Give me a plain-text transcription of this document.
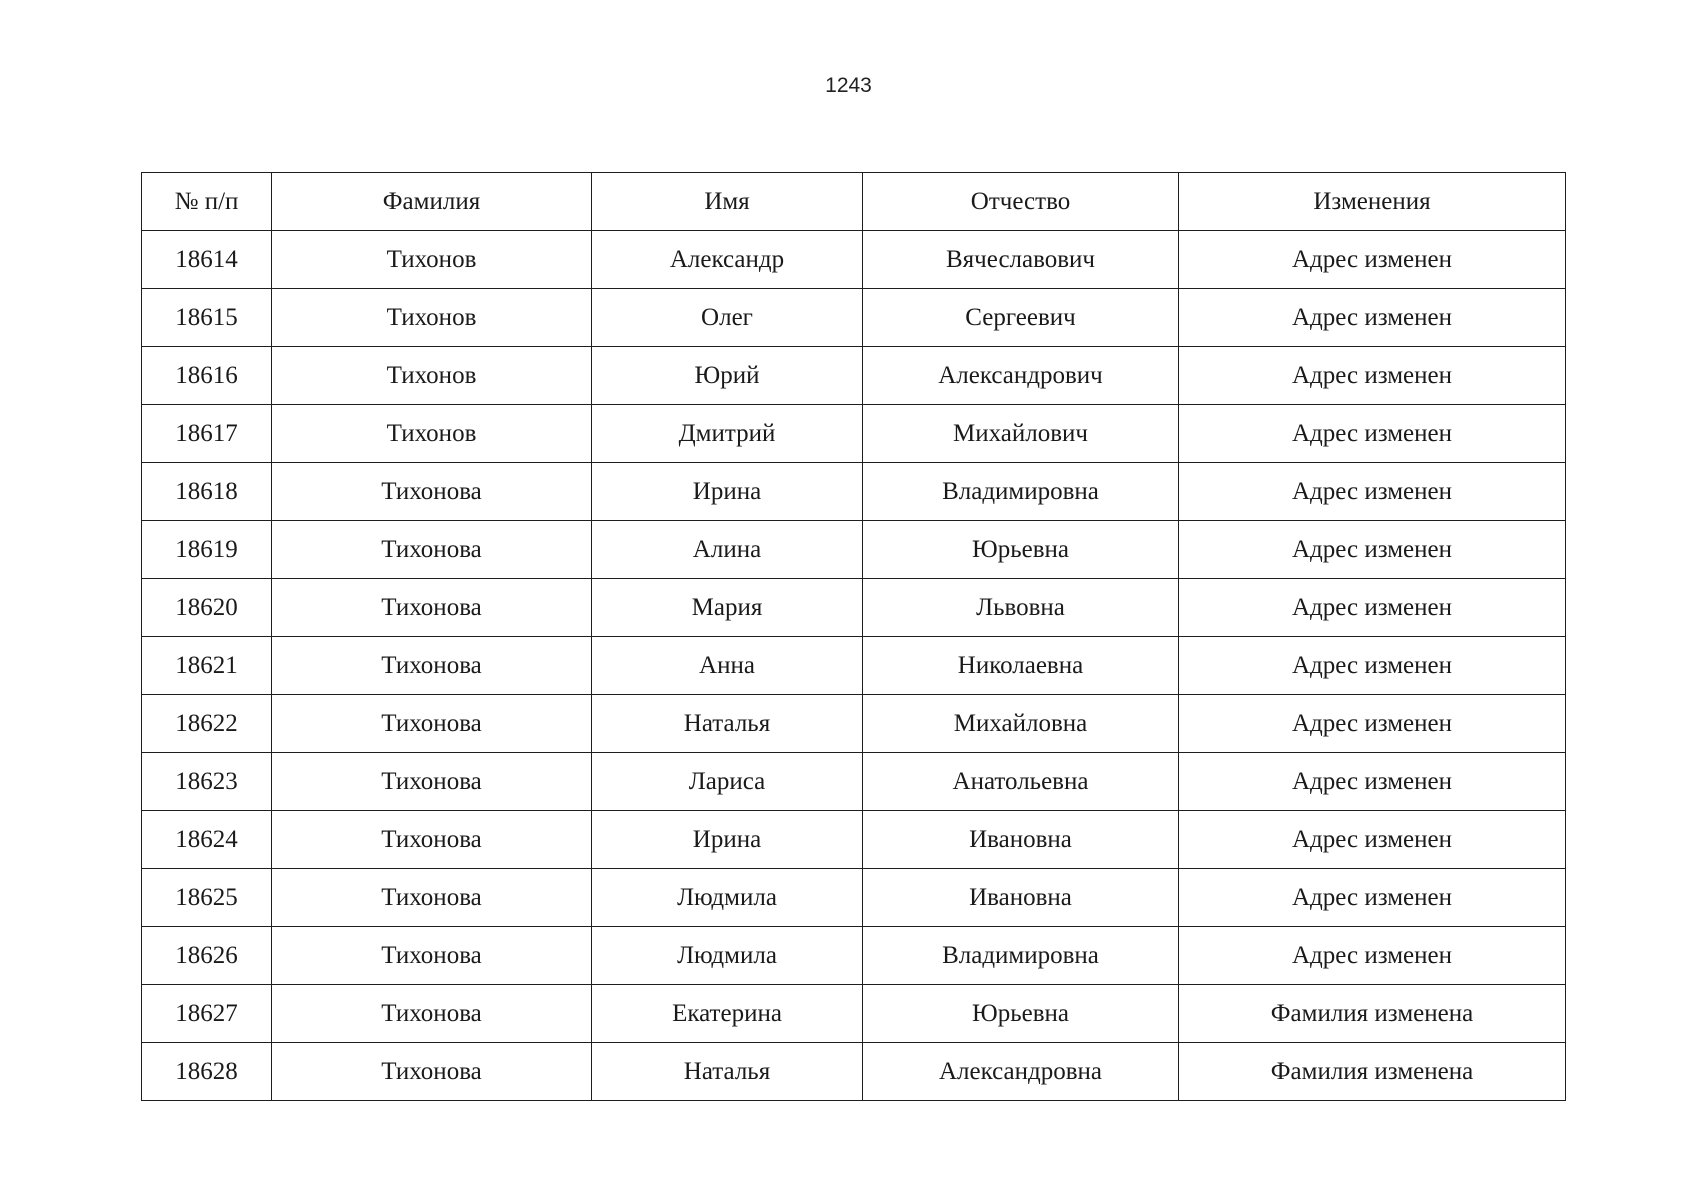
1243
№ п/п	Фамилия	Имя	Отчество	Изменения
18614	Тихонов	Александр	Вячеславович	Адрес изменен
18615	Тихонов	Олег	Сергеевич	Адрес изменен
18616	Тихонов	Юрий	Александрович	Адрес изменен
18617	Тихонов	Дмитрий	Михайлович	Адрес изменен
18618	Тихонова	Ирина	Владимировна	Адрес изменен
18619	Тихонова	Алина	Юрьевна	Адрес изменен
18620	Тихонова	Мария	Львовна	Адрес изменен
18621	Тихонова	Анна	Николаевна	Адрес изменен
18622	Тихонова	Наталья	Михайловна	Адрес изменен
18623	Тихонова	Лариса	Анатольевна	Адрес изменен
18624	Тихонова	Ирина	Ивановна	Адрес изменен
18625	Тихонова	Людмила	Ивановна	Адрес изменен
18626	Тихонова	Людмила	Владимировна	Адрес изменен
18627	Тихонова	Екатерина	Юрьевна	Фамилия изменена
18628	Тихонова	Наталья	Александровна	Фамилия изменена
